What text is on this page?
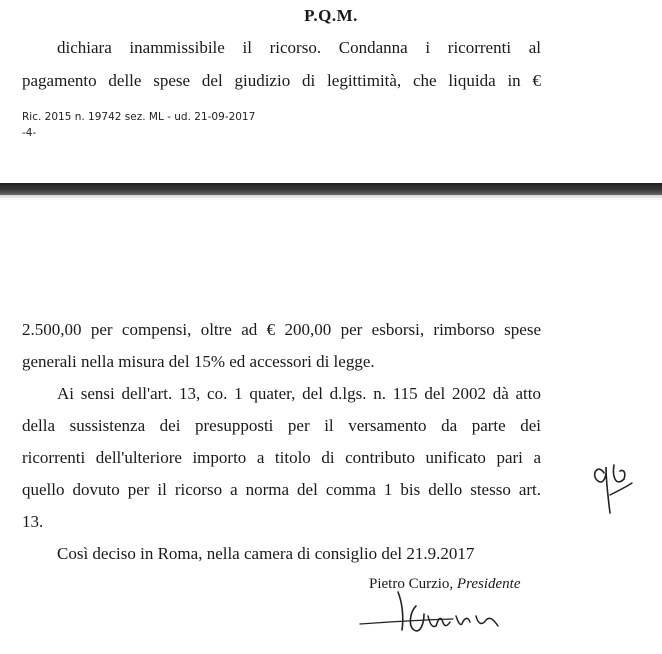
P.Q.M.
dichiara inammissibile il ricorso. Condanna i ricorrenti al
pagamento delle spese del giudizio di legittimità, che liquida in €
Ric. 2015 n. 19742 sez. ML - ud. 21-09-2017
-4-
2.500,00 per compensi, oltre ad € 200,00 per esborsi, rimborso spese
generali nella misura del 15% ed accessori di legge.
Ai sensi dell'art. 13, co. 1 quater, del d.lgs. n. 115 del 2002 dà atto
della sussistenza dei presupposti per il versamento da parte dei
ricorrenti dell'ulteriore importo a titolo di contributo unificato pari a
quello dovuto per il ricorso a norma del comma 1 bis dello stesso art.
13.
Così deciso in Roma, nella camera di consiglio del 21.9.2017
Pietro Curzio, Presidente
